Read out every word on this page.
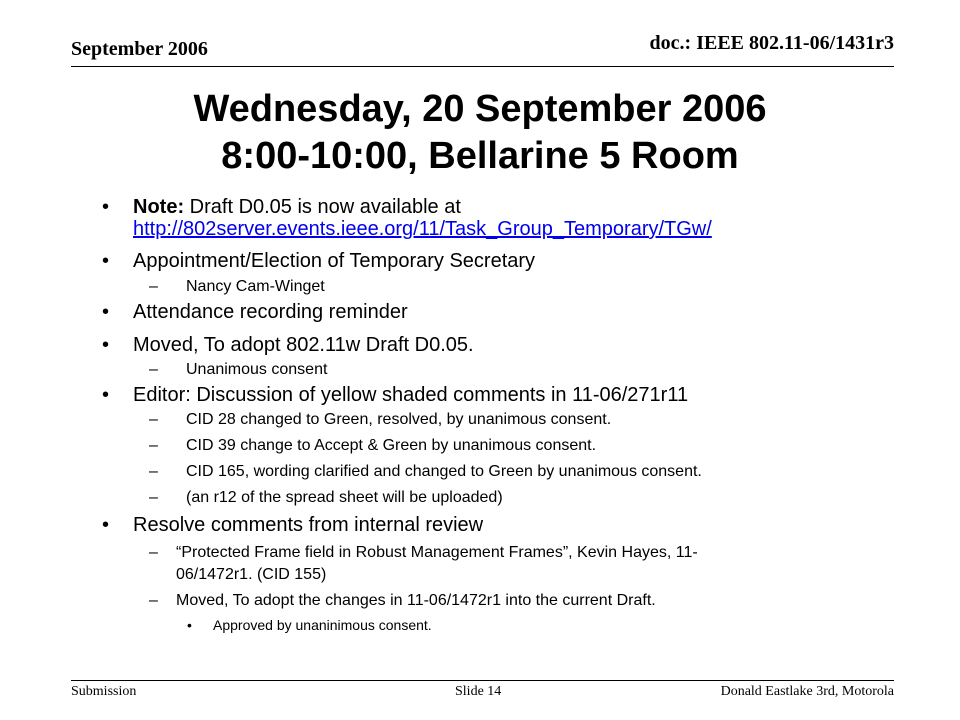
September 2006	doc.: IEEE 802.11-06/1431r3
Wednesday, 20 September 2006
8:00-10:00, Bellarine 5 Room
• Note: Draft D0.05 is now available at
http://802server.events.ieee.org/11/Task_Group_Temporary/TGw/
• Appointment/Election of Temporary Secretary
– Nancy Cam-Winget
• Attendance recording reminder
• Moved, To adopt 802.11w Draft D0.05.
– Unanimous consent
• Editor: Discussion of yellow shaded comments in 11-06/271r11
– CID 28 changed to Green, resolved, by unanimous consent.
– CID 39 change to Accept & Green by unanimous consent.
– CID 165, wording clarified and changed to Green by unanimous consent.
– (an r12 of the spread sheet will be uploaded)
• Resolve comments from internal review
– “Protected Frame field in Robust Management Frames”, Kevin Hayes, 11-
06/1472r1. (CID 155)
– Moved, To adopt the changes in 11-06/1472r1 into the current Draft.
• Approved by unaninimous consent.
Submission	Slide 14	Donald Eastlake 3rd, Motorola
